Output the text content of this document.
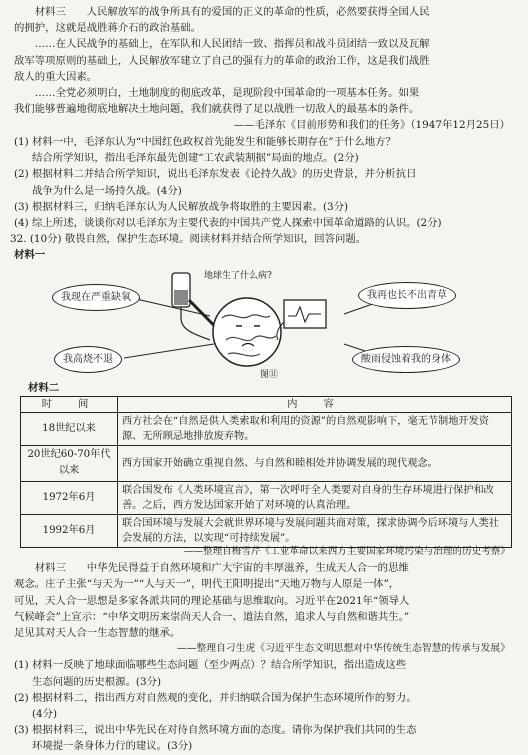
材料三　　人民解放军的战争所具有的爱国的正义的革命的性质，必然要获得全国人民

的拥护，这就是战胜蒋介石的政治基础。

……在人民战争的基础上，在军队和人民团结一致、指挥员和战斗员团结一致以及瓦解

敌军等项原则的基础上，人民解放军建立了自己的强有力的革命的政治工作，这是我们战胜

敌人的重大因素。

……全党必须明白，土地制度的彻底改革，是现阶段中国革命的一项基本任务。如果

我们能够普遍地彻底地解决土地问题，我们就获得了足以战胜一切敌人的最基本的条件。

——毛泽东《目前形势和我们的任务》（1947年12月25日）

(1) 材料一中，毛泽东认为“中国红色政权首先能发生和能够长期存在”于什么地方？

结合所学知识，指出毛泽东最先创建“工农武装割据”局面的地点。(2分)

(2) 根据材料二并结合所学知识，说出毛泽东发表《论持久战》的历史背景，并分析抗日

战争为什么是一场持久战。(4分)

(3) 根据材料三，归纳毛泽东认为人民解放战争将取胜的主要因素。(3分)

(4) 综上所述，谈谈你对以毛泽东为主要代表的中国共产党人探索中国革命道路的认识。(2分)

32. (10分) 敬畏自然，保护生态环境。阅读材料并结合所学知识，回答问题。

材料一

地球生了什么病?
我现在严重缺氧	我再也长不出青草
我高烧不退	酸雨侵蚀着我的身体
图⑪

材料二

时　间	内　容
18世纪以来	西方社会在“自然是供人类索取和利用的资源”的自然观影响下，毫无节制地开发资源、无所顾忌地排放废弃物。
20世纪60-70年代以来	西方国家开始确立重视自然、与自然和睦相处并协调发展的现代观念。
1972年6月	联合国发布《人类环境宣言》，第一次呼吁全人类要对自身的生存环境进行保护和改善。之后，西方发达国家开始了对环境的认真治理。
1992年6月	联合国环境与发展大会就世界环境与发展问题共商对策，探求协调今后环境与人类社会发展的方法，以实现“可持续发展”。

——整理自梅雪芹《工业革命以来西方主要国家环境污染与治理的历史考察》

材料三　　中华先民得益于自然环境和广大宇宙的丰厚滋养，生成天人合一的思维

观念。庄子主张“与天为一”“人与天一”，明代王阳明提出“天地万物与人原是一体”，

可见，天人合一思想是多家各派共同的理论基础与思维取向。习近平在2021年“领导人

气候峰会”上宣示：“中华文明历来崇尚天人合一、道法自然，追求人与自然和谐共生。”

足见其对天人合一生态智慧的继承。

——整理自刁生虎《习近平生态文明思想对中华传统生态智慧的传承与发展》

(1) 材料一反映了地球面临哪些生态问题（至少两点）？结合所学知识，指出造成这些

生态问题的历史根源。(3分)

(2) 根据材料二，指出西方对自然观的变化，并归纳联合国为保护生态环境所作的努力。

(4分)

(3) 根据材料三，说出中华先民在对待自然环境方面的态度。请你为保护我们共同的生态

环境提一条身体力行的建议。(3分)
